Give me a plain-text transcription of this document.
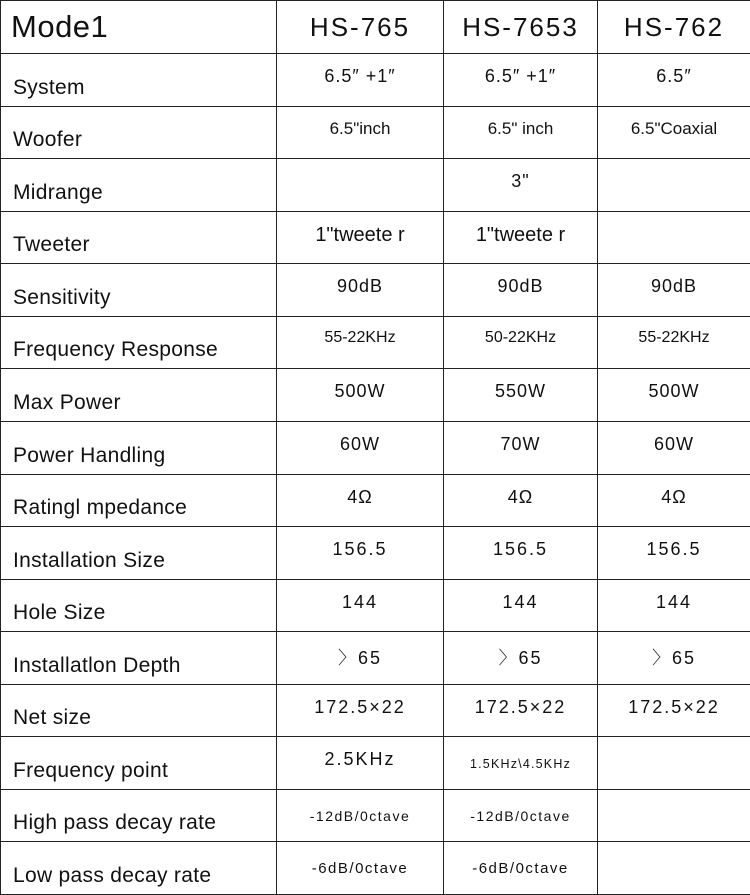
Mode1	HS-765	HS-7653	HS-762
System	6.5″ +1″	6.5″ +1″	6.5″
Woofer	6.5"inch	6.5" inch	6.5"Coaxial
Midrange		3"	
Tweeter	1"tweete r	1"tweete r	
Sensitivity	90dB	90dB	90dB
Frequency Response	55-22KHz	50-22KHz	55-22KHz
Max Power	500W	550W	500W
Power Handling	60W	70W	60W
Ratingl mpedance	4Ω	4Ω	4Ω
Installation Size	156.5	156.5	156.5
Hole Size	144	144	144
Installatlon Depth	〉65	〉65	〉65
Net size	172.5×22	172.5×22	172.5×22
Frequency point	2.5KHz	1.5KHz\4.5KHz	
High pass decay rate	-12dB/0ctave	-12dB/0ctave	
Low pass decay rate	-6dB/0ctave	-6dB/0ctave	
